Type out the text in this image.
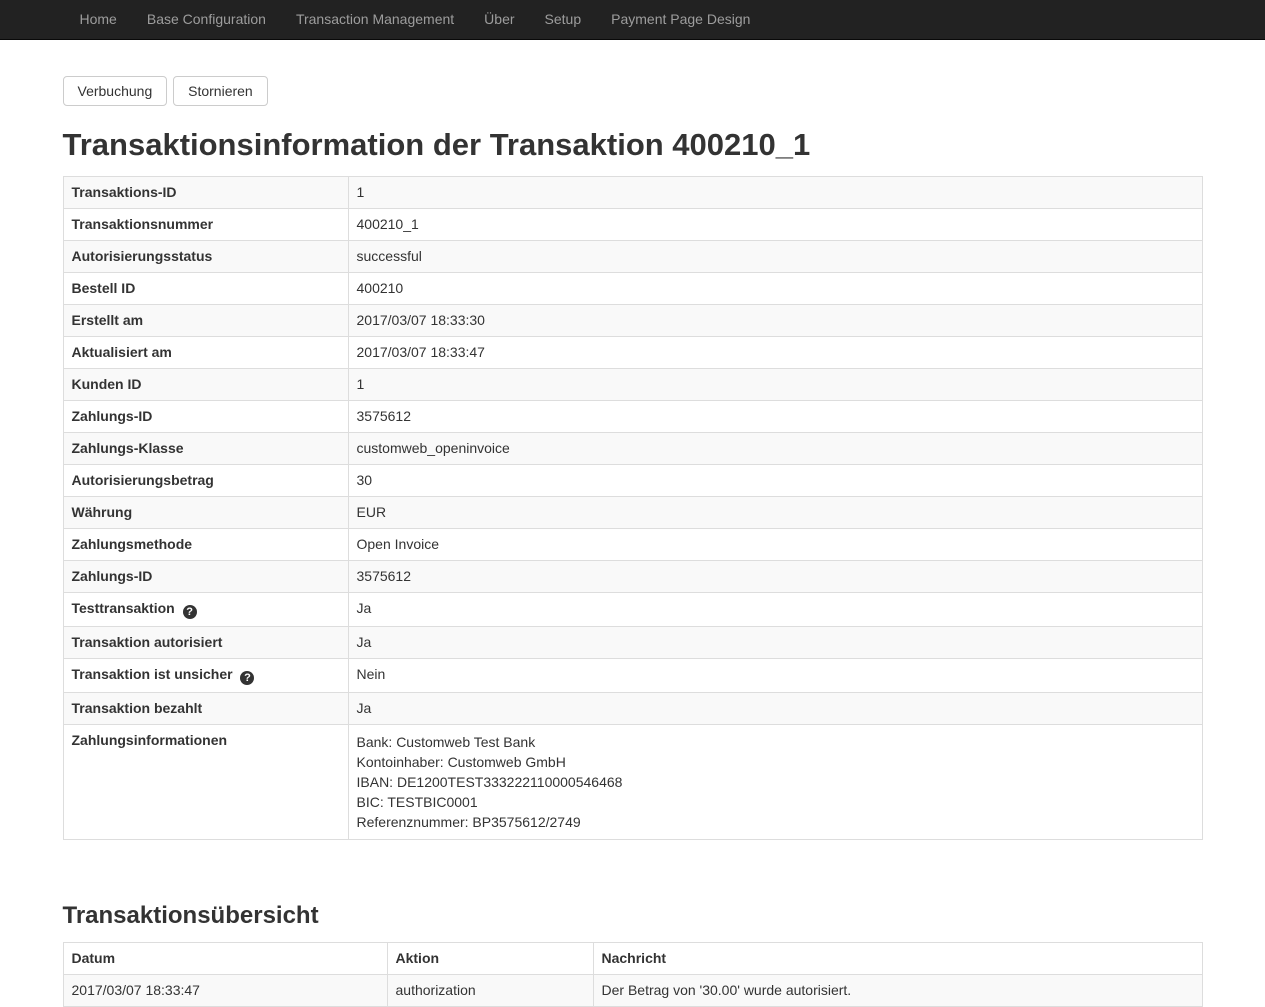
Home	Base Configuration	Transaction Management	Über	Setup	Payment Page Design
Verbuchung	Stornieren
Transaktionsinformation der Transaktion 400210_1
Transaktions-ID	1
Transaktionsnummer	400210_1
Autorisierungsstatus	successful
Bestell ID	400210
Erstellt am	2017/03/07 18:33:30
Aktualisiert am	2017/03/07 18:33:47
Kunden ID	1
Zahlungs-ID	3575612
Zahlungs-Klasse	customweb_openinvoice
Autorisierungsbetrag	30
Währung	EUR
Zahlungsmethode	Open Invoice
Zahlungs-ID	3575612
Testtransaktion ?	Ja
Transaktion autorisiert	Ja
Transaktion ist unsicher ?	Nein
Transaktion bezahlt	Ja
Zahlungsinformationen	Bank: Customweb Test Bank
Kontoinhaber: Customweb GmbH
IBAN: DE1200TEST333222110000546468
BIC: TESTBIC0001
Referenznummer: BP3575612/2749
Transaktionsübersicht
Datum	Aktion	Nachricht
2017/03/07 18:33:47	authorization	Der Betrag von '30.00' wurde autorisiert.
